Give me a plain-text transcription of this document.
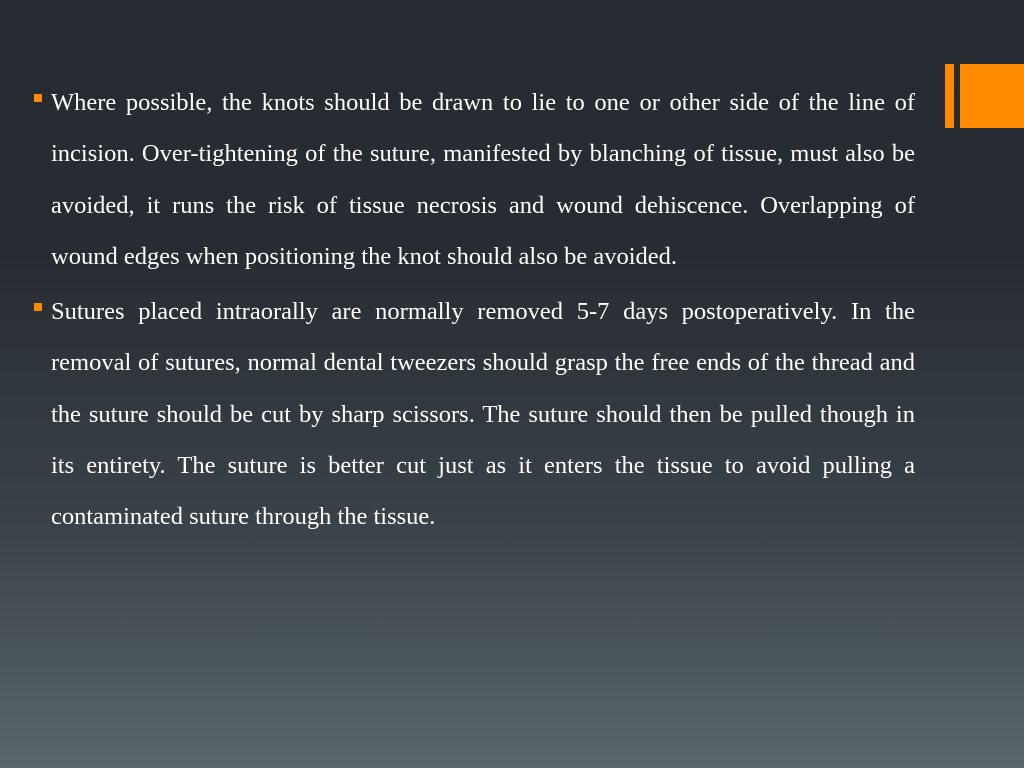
Where possible, the knots should be drawn to lie to one or other side of the line of incision. Over-tightening of the suture, manifested by blanching of tissue, must also be avoided, it runs the risk of tissue necrosis and wound dehiscence. Overlapping of wound edges when positioning the knot should also be avoided.

Sutures placed intraorally are normally removed 5-7 days postoperatively. In the removal of sutures, normal dental tweezers should grasp the free ends of the thread and the suture should be cut by sharp scissors. The suture should then be pulled though in its entirety. The suture is better cut just as it enters the tissue to avoid pulling a contaminated suture through the tissue.
